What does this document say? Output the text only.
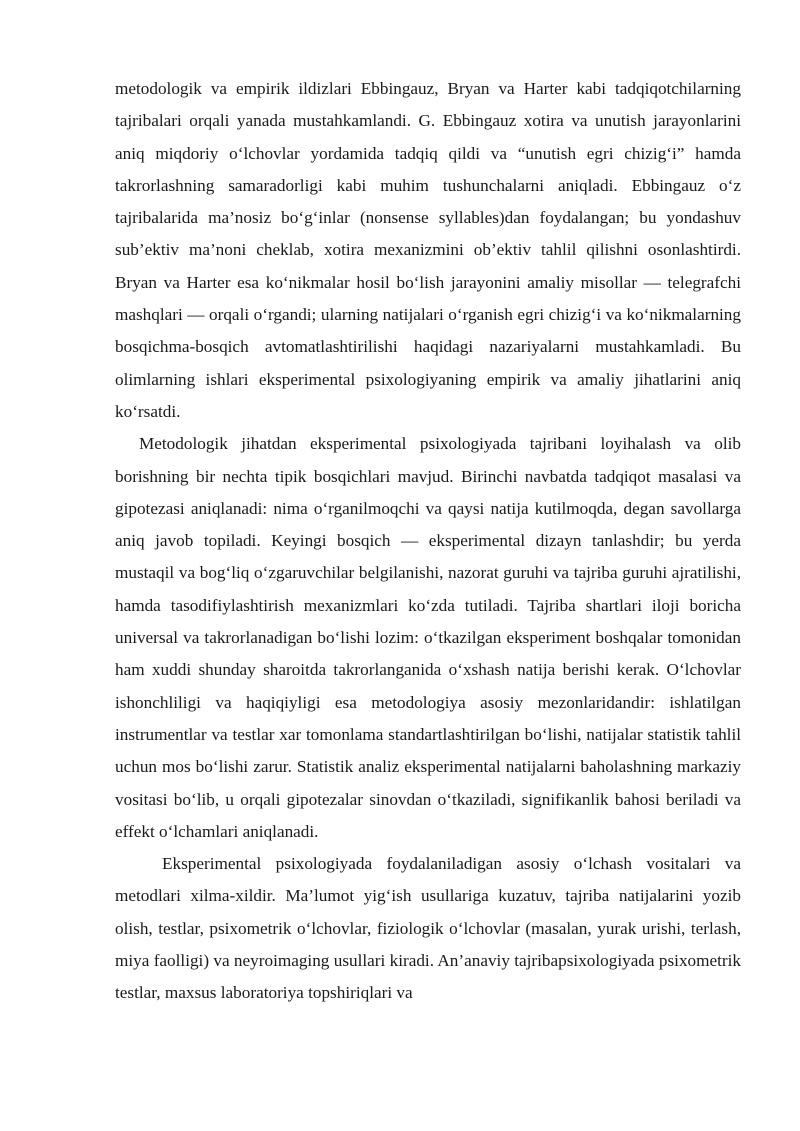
metodologik va empirik ildizlari Ebbingauz, Bryan va Harter kabi tadqiqotchilarning tajribalari orqali yanada mustahkamlandi. G. Ebbingauz xotira va unutish jarayonlarini aniq miqdoriy o‘lchovlar yordamida tadqiq qildi va “unutish egri chizig‘i” hamda takrorlashning samaradorligi kabi muhim tushunchalarni aniqladi. Ebbingauz o‘z tajribalarida ma’nosiz bo‘g‘inlar (nonsense syllables)dan foydalangan; bu yondashuv sub’ektiv ma’noni cheklab, xotira mexanizmini ob’ektiv tahlil qilishni osonlashtirdi. Bryan va Harter esa ko‘nikmalar hosil bo‘lish jarayonini amaliy misollar — telegrafchi mashqlari — orqali o‘rgandi; ularning natijalari o‘rganish egri chizig‘i va ko‘nikmalarning bosqichma-bosqich avtomatlashtirilishi haqidagi nazariyalarni mustahkamladi. Bu olimlarning ishlari eksperimental psixologiyaning empirik va amaliy jihatlarini aniq ko‘rsatdi.

Metodologik jihatdan eksperimental psixologiyada tajribani loyihalash va olib borishning bir nechta tipik bosqichlari mavjud. Birinchi navbatda tadqiqot masalasi va gipotezasi aniqlanadi: nima o‘rganilmoqchi va qaysi natija kutilmoqda, degan savollarga aniq javob topiladi. Keyingi bosqich — eksperimental dizayn tanlashdir; bu yerda mustaqil va bog‘liq o‘zgaruvchilar belgilanishi, nazorat guruhi va tajriba guruhi ajratilishi, hamda tasodifiylashtirish mexanizmlari ko‘zda tutiladi. Tajriba shartlari iloji boricha universal va takrorlanadigan bo‘lishi lozim: o‘tkazilgan eksperiment boshqalar tomonidan ham xuddi shunday sharoitda takrorlanganida o‘xshash natija berishi kerak. O‘lchovlar ishonchliligi va haqiqiyligi esa metodologiya asosiy mezonlaridandir: ishlatilgan instrumentlar va testlar xar tomonlama standartlashtirilgan bo‘lishi, natijalar statistik tahlil uchun mos bo‘lishi zarur. Statistik analiz eksperimental natijalarni baholashning markaziy vositasi bo‘lib, u orqali gipotezalar sinovdan o‘tkaziladi, signifikanlik bahosi beriladi va effekt o‘lchamlari aniqlanadi.

Eksperimental psixologiyada foydalaniladigan asosiy o‘lchash vositalari va metodlari xilma-xildir. Ma’lumot yig‘ish usullariga kuzatuv, tajriba natijalarini yozib olish, testlar, psixometrik o‘lchovlar, fiziologik o‘lchovlar (masalan, yurak urishi, terlash, miya faolligi) va neyroimaging usullari kiradi. An’anaviy tajribapsixologiyada psixometrik testlar, maxsus laboratoriya topshiriqlari va
